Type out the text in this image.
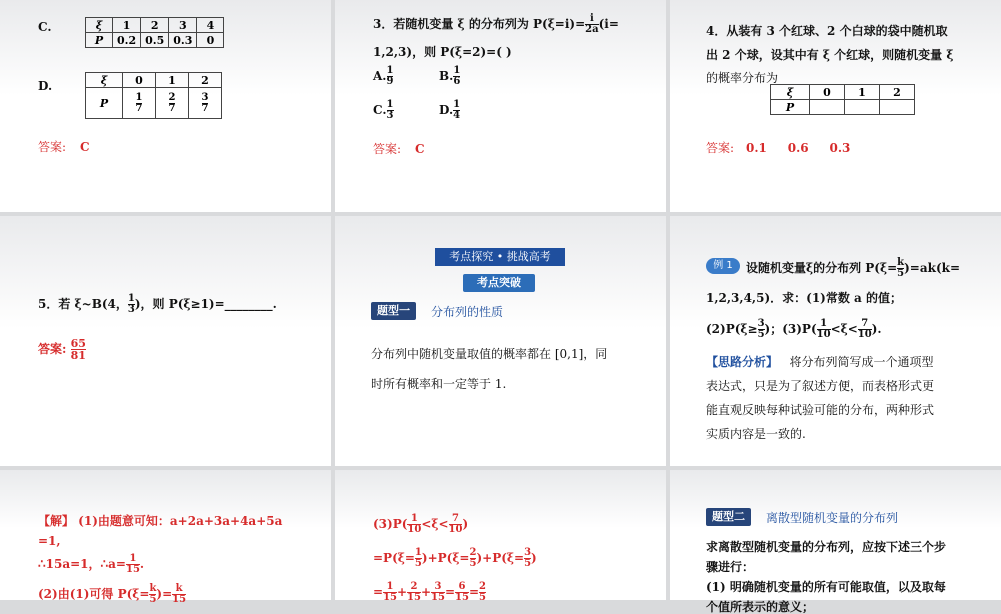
C.	ξ	1	2	3	4
P	0.2	0.5	0.3	0
D.	ξ	0	1	2
P	$\frac{1}{7}$	$\frac{2}{7}$	$\frac{3}{7}$
答案: C
3．若随机变量 ξ 的分布列为 $P(\xi=i)= \frac{i}{2a} (i=$
1,2,3)，则 P(ξ=2)=( )
A. $\frac{1}{9}$	B. $\frac{1}{6}$
C. $\frac{1}{3}$	D. $\frac{1}{4}$
答案: C
4．从装有 3 个红球、2 个白球的袋中随机取
出 2 个球，设其中有 ξ 个红球，则随机变量 ξ
的概率分布为
ξ	0	1	2
P			
答案: 0.1     0.6     0.3
5．若 ξ~B(4， $\frac{1}{3}$ )，则 P(ξ≥1)=________.
答案: $\frac{65}{81}$
考点探究 • 挑战高考
考点突破
题型一	分布列的性质
分布列中随机变量取值的概率都在 [0,1]，同
时所有概率和一定等于 1.
例 1	设随机变量ξ的分布列 $P(\xi= \frac{k}{5} )=ak(k=$
1,2,3,4,5)．求：(1)常数 a 的值；
$(2)P(\xi\ge \frac{3}{5}$ )；$(3)P( \frac{1}{10} <\xi< \frac{7}{10}$ ).
【思路分析】 将分布列简写成一个通项型
表达式，只是为了叙述方便，而表格形式更
能直观反映每种试验可能的分布，两种形式
实质内容是一致的.
【解】 (1)由题意可知：a+2a+3a+4a+5a
=1,
∴15a=1，∴a= $\frac{1}{15}$ .
(2)由(1)可得 $P(\xi= \frac{k}{5}$ )= $\frac{k}{15}$
$(3)P( \frac{1}{10} <\xi< \frac{7}{10}$ )
$=P(\xi= \frac{1}{5} )+P(\xi= \frac{2}{5} )+P(\xi= \frac{3}{5}$ )
= $\frac{1}{15} + \frac{2}{15} + \frac{3}{15} = \frac{6}{15} = \frac{2}{5}$
题型二	离散型随机变量的分布列
求离散型随机变量的分布列，应按下述三个步
骤进行：
(1) 明确随机变量的所有可能取值，以及取每
个值所表示的意义；
